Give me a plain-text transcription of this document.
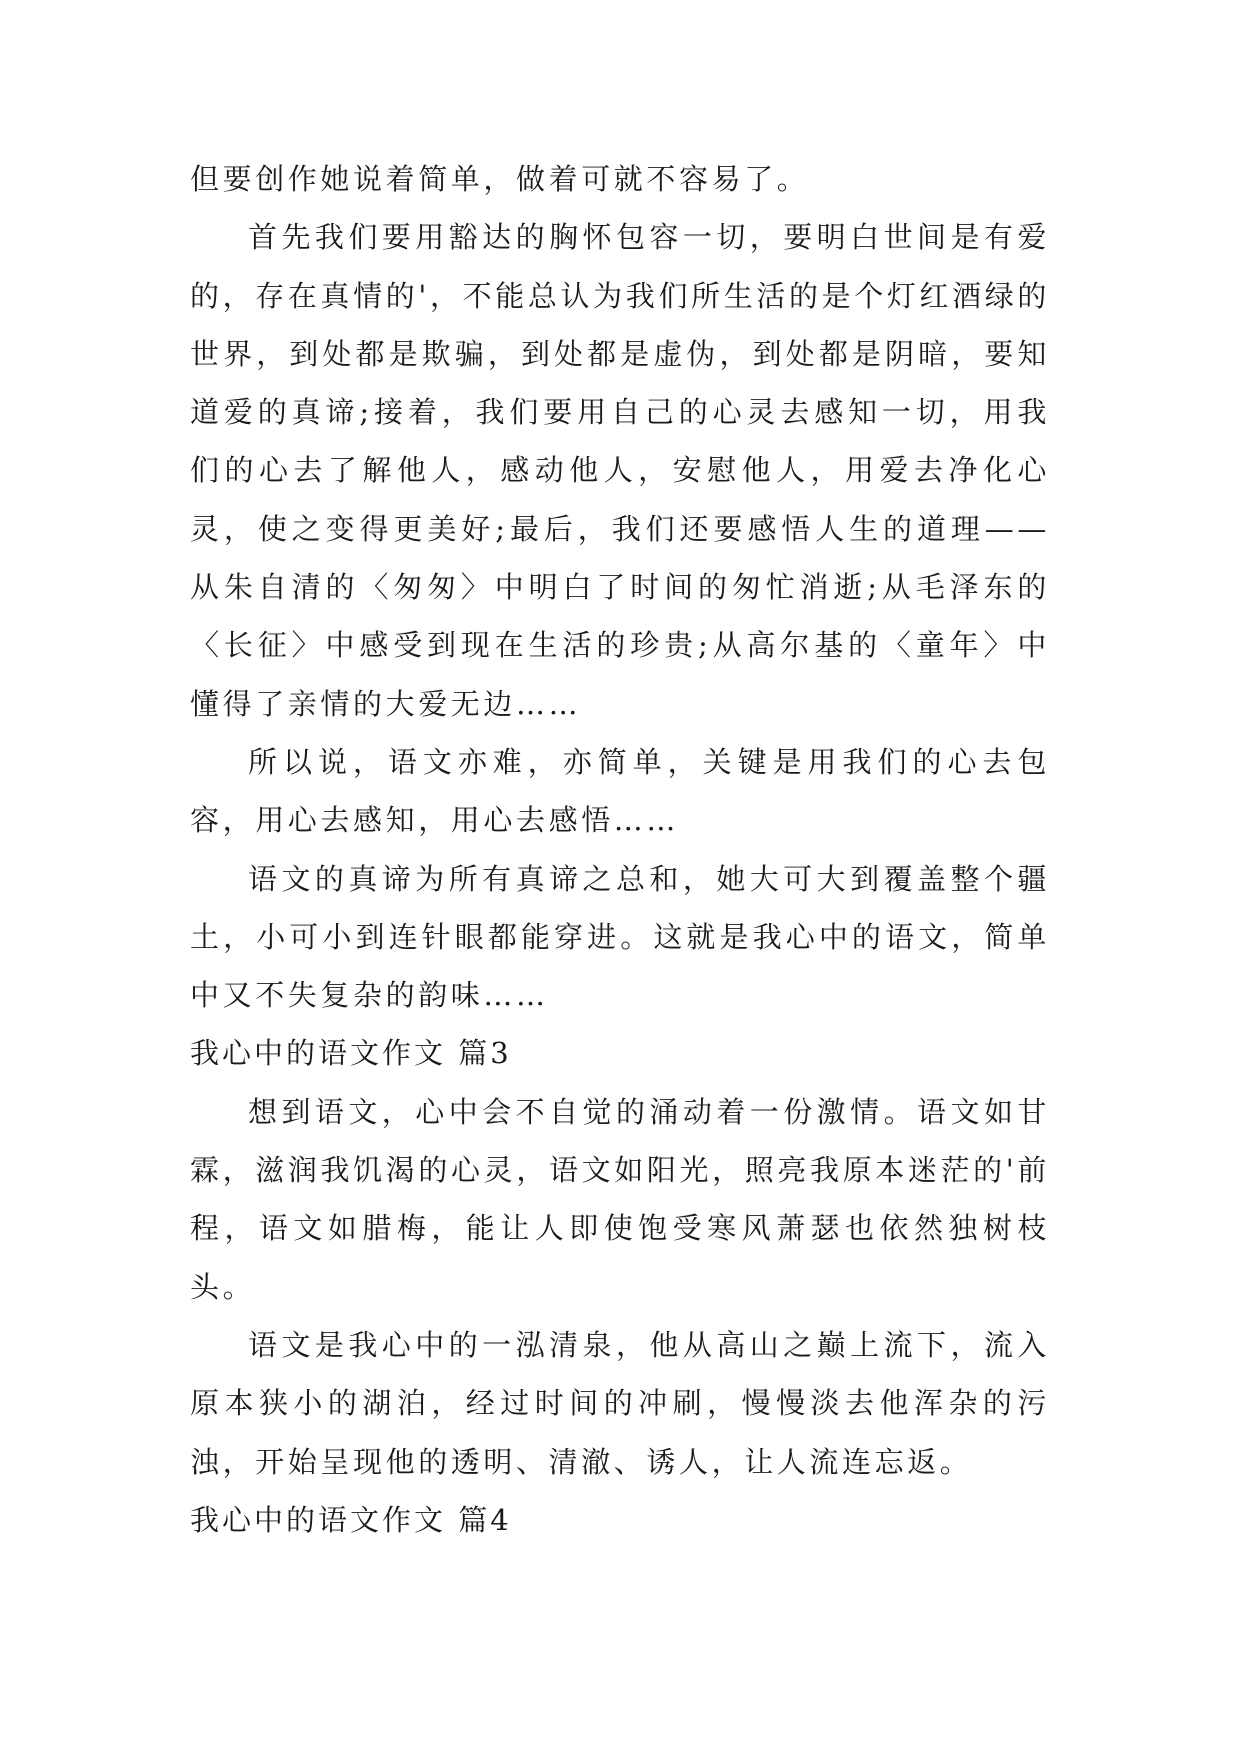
但要创作她说着简单，做着可就不容易了。

首先我们要用豁达的胸怀包容一切，要明白世间是有爱的，存在真情的'，不能总认为我们所生活的是个灯红酒绿的世界，到处都是欺骗，到处都是虚伪，到处都是阴暗，要知道爱的真谛;接着，我们要用自己的心灵去感知一切，用我们的心去了解他人，感动他人，安慰他人，用爱去净化心灵，使之变得更美好;最后，我们还要感悟人生的道理——从朱自清的〈匆匆〉中明白了时间的匆忙消逝;从毛泽东的〈长征〉中感受到现在生活的珍贵;从高尔基的〈童年〉中懂得了亲情的大爱无边……

所以说，语文亦难，亦简单，关键是用我们的心去包容，用心去感知，用心去感悟……

语文的真谛为所有真谛之总和，她大可大到覆盖整个疆土，小可小到连针眼都能穿进。这就是我心中的语文，简单中又不失复杂的韵味……

我心中的语文作文 篇3

想到语文，心中会不自觉的涌动着一份激情。语文如甘霖，滋润我饥渴的心灵，语文如阳光，照亮我原本迷茫的'前程，语文如腊梅，能让人即使饱受寒风萧瑟也依然独树枝头。

语文是我心中的一泓清泉，他从高山之巅上流下，流入原本狭小的湖泊，经过时间的冲刷，慢慢淡去他浑杂的污浊，开始呈现他的透明、清澈、诱人，让人流连忘返。

我心中的语文作文 篇4
